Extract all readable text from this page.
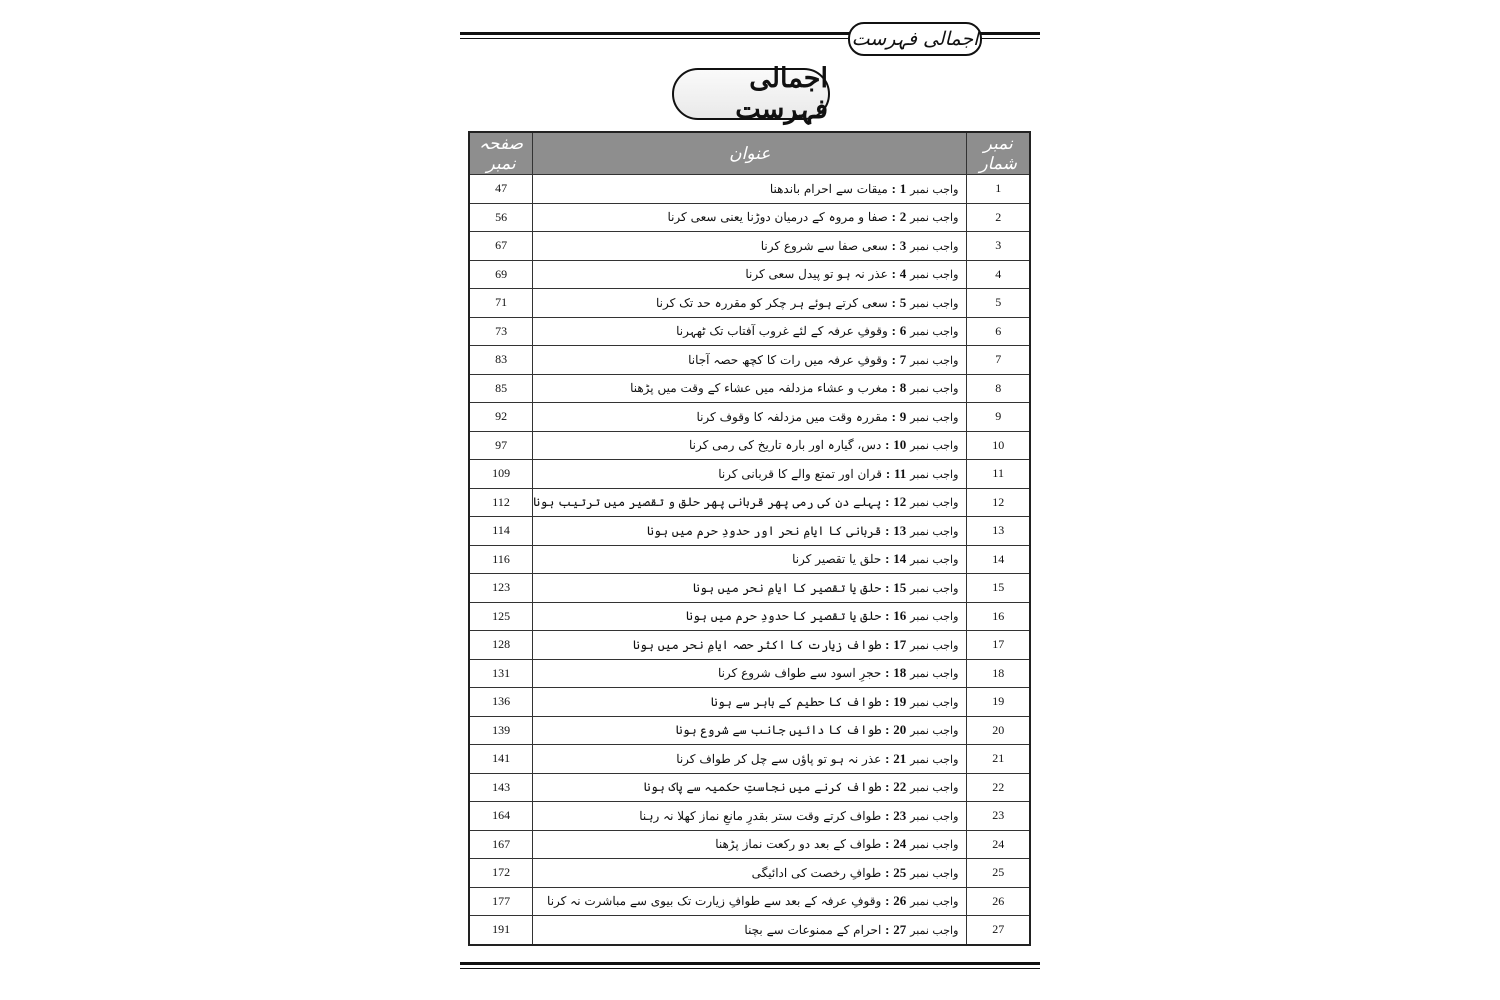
اجمالی فہرست
اجمالی فہرست
نمبر شمار	عنوان	صفحہ نمبر
1	واجب نمبر 1 : میقات سے احرام باندھنا	47
2	واجب نمبر 2 : صفا و مروہ کے درمیان دوڑنا یعنی سعی کرنا	56
3	واجب نمبر 3 : سعی صفا سے شروع کرنا	67
4	واجب نمبر 4 : عذر نہ ہو تو پیدل سعی کرنا	69
5	واجب نمبر 5 : سعی کرتے ہوئے ہر چکر کو مقررہ حد تک کرنا	71
6	واجب نمبر 6 : وقوفِ عرفہ کے لئے غروب آفتاب تک ٹھہرنا	73
7	واجب نمبر 7 : وقوفِ عرفہ میں رات کا کچھ حصہ آجانا	83
8	واجب نمبر 8 : مغرب و عشاء مزدلفہ میں عشاء کے وقت میں پڑھنا	85
9	واجب نمبر 9 : مقررہ وقت میں مزدلفہ کا وقوف کرنا	92
10	واجب نمبر 10 : دس، گیارہ اور بارہ تاریخ کی رمی کرنا	97
11	واجب نمبر 11 : قران اور تمتع والے کا قربانی کرنا	109
12	واجب نمبر 12 : پہلے دن کی رمی پھر قربانی پھر حلق و تقصیر میں ترتیب ہونا	112
13	واجب نمبر 13 : قربانی کا ایامِ نحر اور حدودِ حرم میں ہونا	114
14	واجب نمبر 14 : حلق یا تقصیر کرنا	116
15	واجب نمبر 15 : حلق یا تقصیر کا ایامِ نحر میں ہونا	123
16	واجب نمبر 16 : حلق یا تقصیر کا حدودِ حرم میں ہونا	125
17	واجب نمبر 17 : طواف زیارت کا اکثر حصہ ایامِ نحر میں ہونا	128
18	واجب نمبر 18 : حجرِ اسود سے طواف شروع کرنا	131
19	واجب نمبر 19 : طواف کا حطیم کے باہر سے ہونا	136
20	واجب نمبر 20 : طواف کا دائیں جانب سے شروع ہونا	139
21	واجب نمبر 21 : عذر نہ ہو تو پاؤں سے چل کر طواف کرنا	141
22	واجب نمبر 22 : طواف کرنے میں نجاستِ حکمیہ سے پاک ہونا	143
23	واجب نمبر 23 : طواف کرتے وقت ستر بقدرِ مانعِ نماز کھلا نہ رہنا	164
24	واجب نمبر 24 : طواف کے بعد دو رکعت نماز پڑھنا	167
25	واجب نمبر 25 : طوافِ رخصت کی ادائیگی	172
26	واجب نمبر 26 : وقوفِ عرفہ کے بعد سے طوافِ زیارت تک بیوی سے مباشرت نہ کرنا	177
27	واجب نمبر 27 : احرام کے ممنوعات سے بچنا	191
